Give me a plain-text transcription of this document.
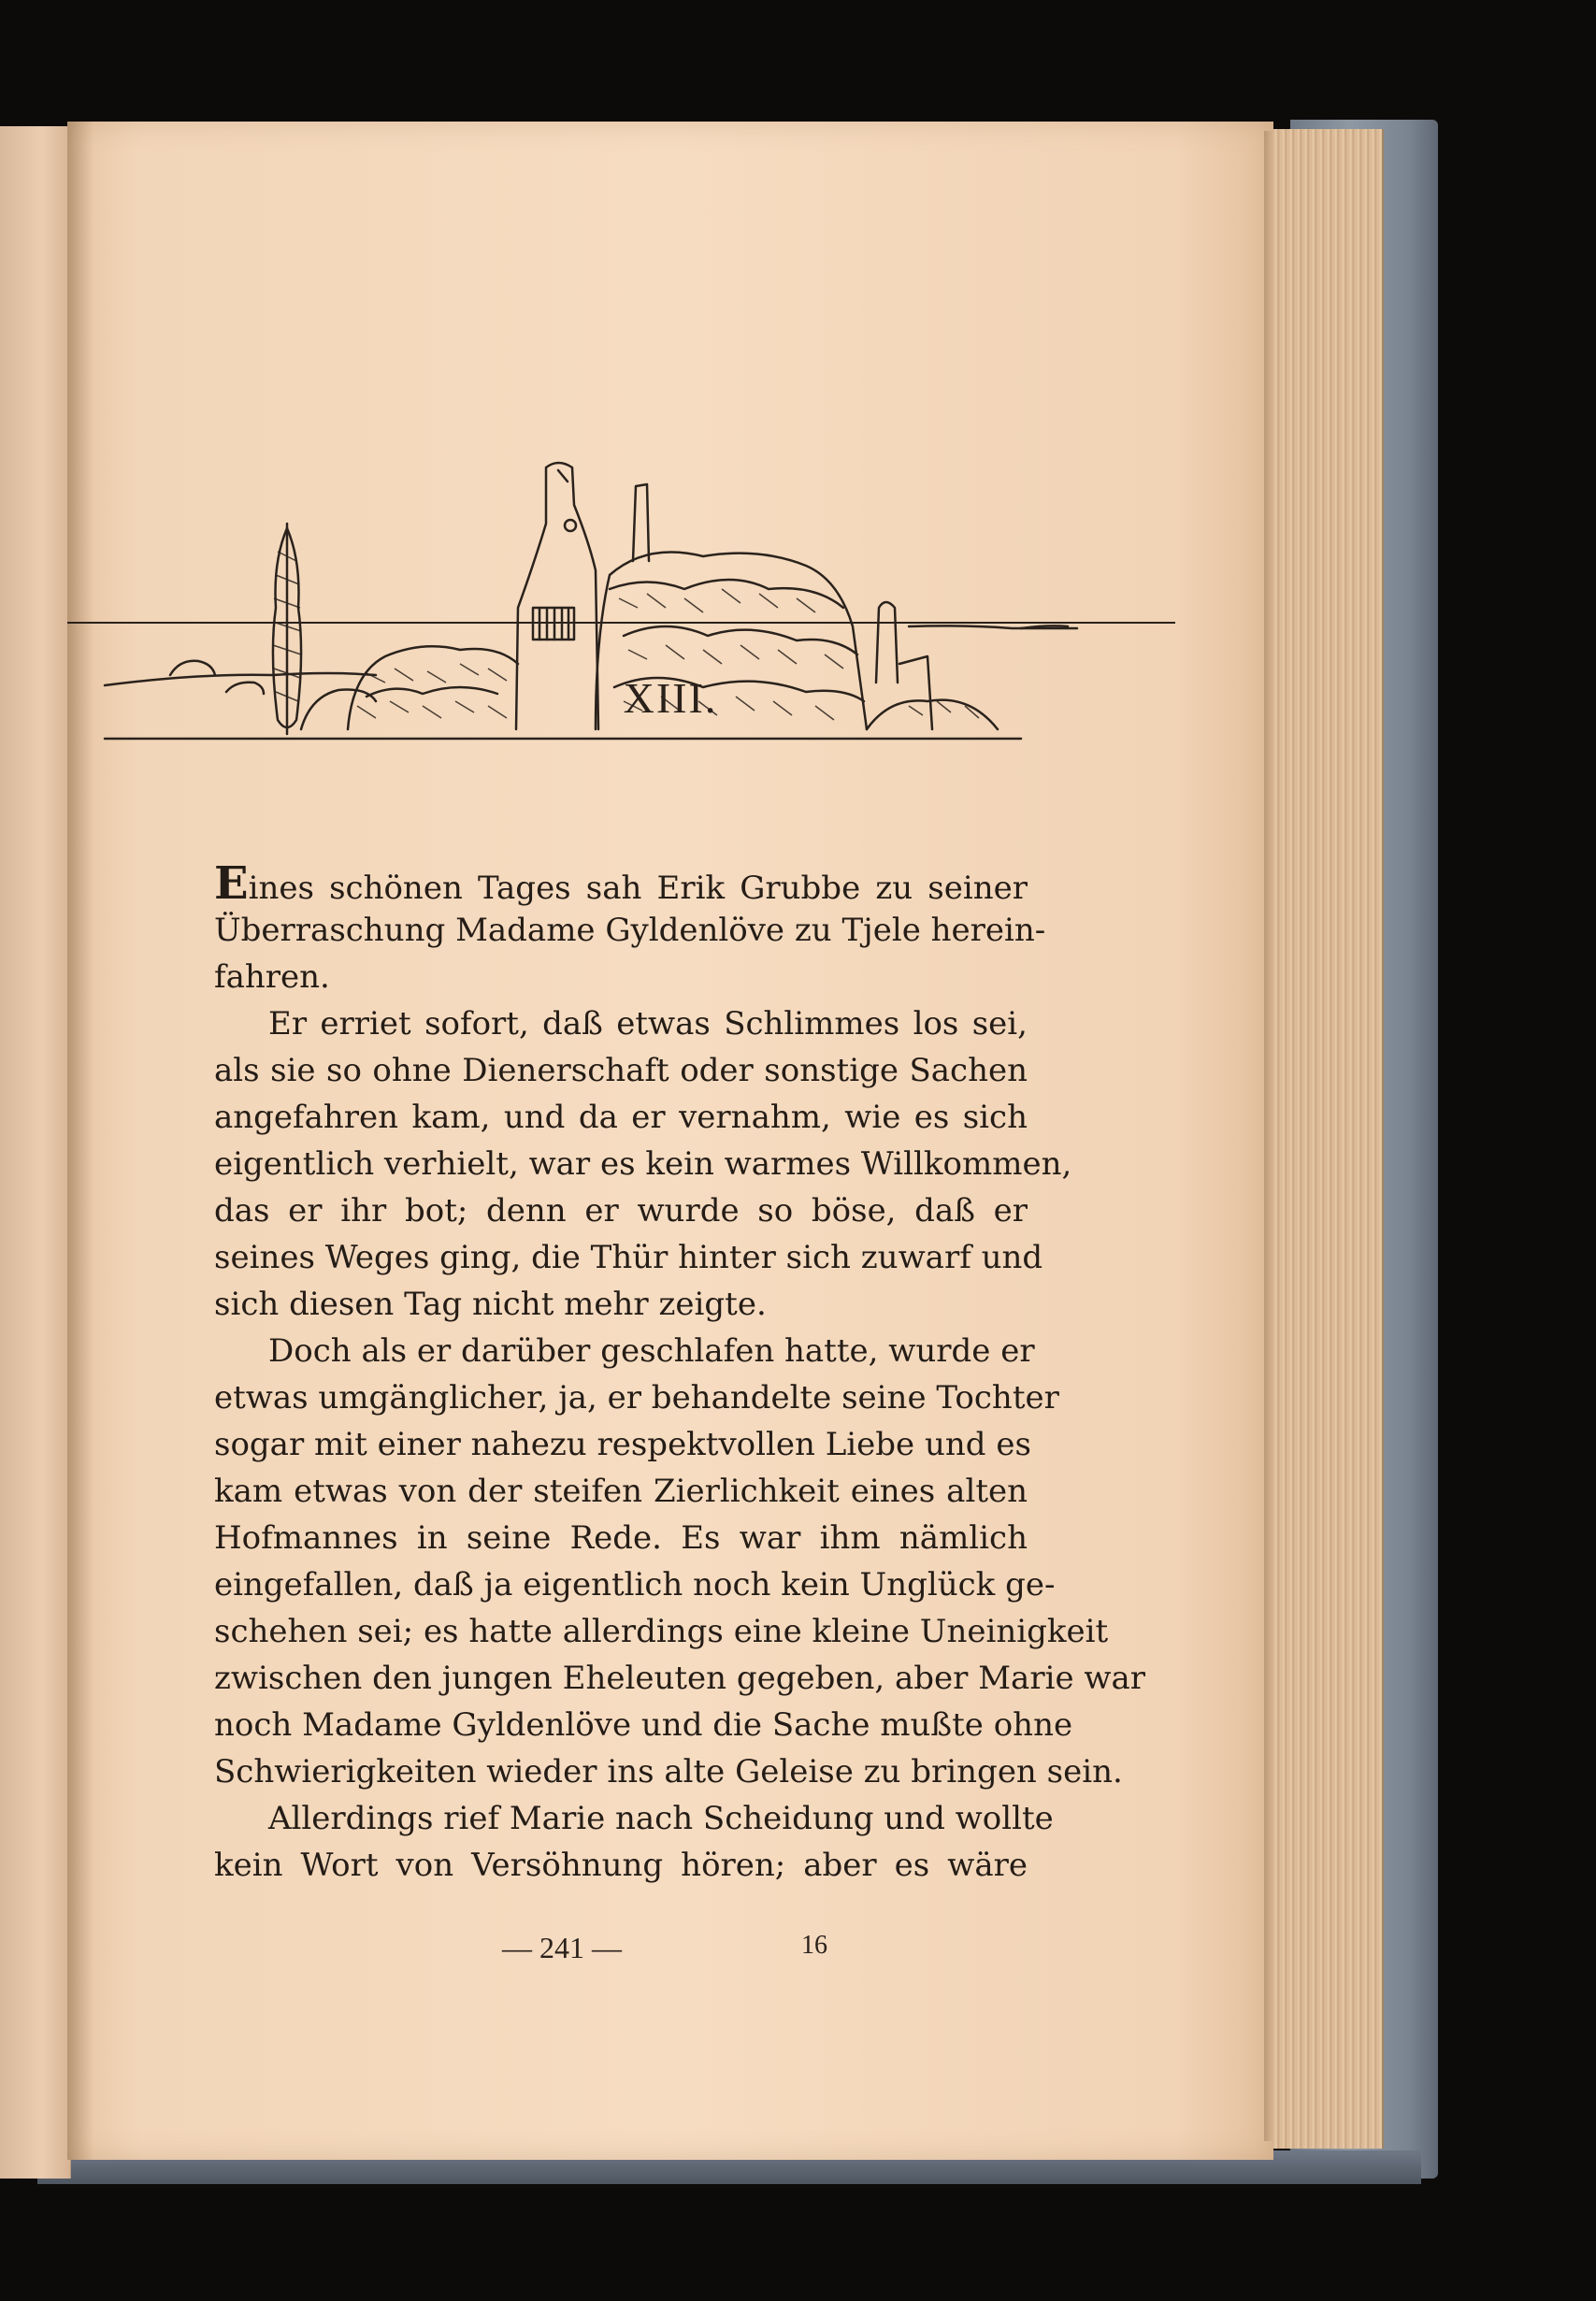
XIII.
Eines schönen Tages sah Erik Grubbe zu seiner
Überraschung Madame Gyldenlöve zu Tjele herein-
fahren.
Er erriet sofort, daß etwas Schlimmes los sei,
als sie so ohne Dienerschaft oder sonstige Sachen
angefahren kam, und da er vernahm, wie es sich
eigentlich verhielt, war es kein warmes Willkommen,
das er ihr bot; denn er wurde so böse, daß er
seines Weges ging, die Thür hinter sich zuwarf und
sich diesen Tag nicht mehr zeigte.
Doch als er darüber geschlafen hatte, wurde er
etwas umgänglicher, ja, er behandelte seine Tochter
sogar mit einer nahezu respektvollen Liebe und es
kam etwas von der steifen Zierlichkeit eines alten
Hofmannes in seine Rede. Es war ihm nämlich
eingefallen, daß ja eigentlich noch kein Unglück ge-
schehen sei; es hatte allerdings eine kleine Uneinigkeit
zwischen den jungen Eheleuten gegeben, aber Marie war
noch Madame Gyldenlöve und die Sache mußte ohne
Schwierigkeiten wieder ins alte Geleise zu bringen sein.
Allerdings rief Marie nach Scheidung und wollte
kein Wort von Versöhnung hören; aber es wäre
— 241 —	16
